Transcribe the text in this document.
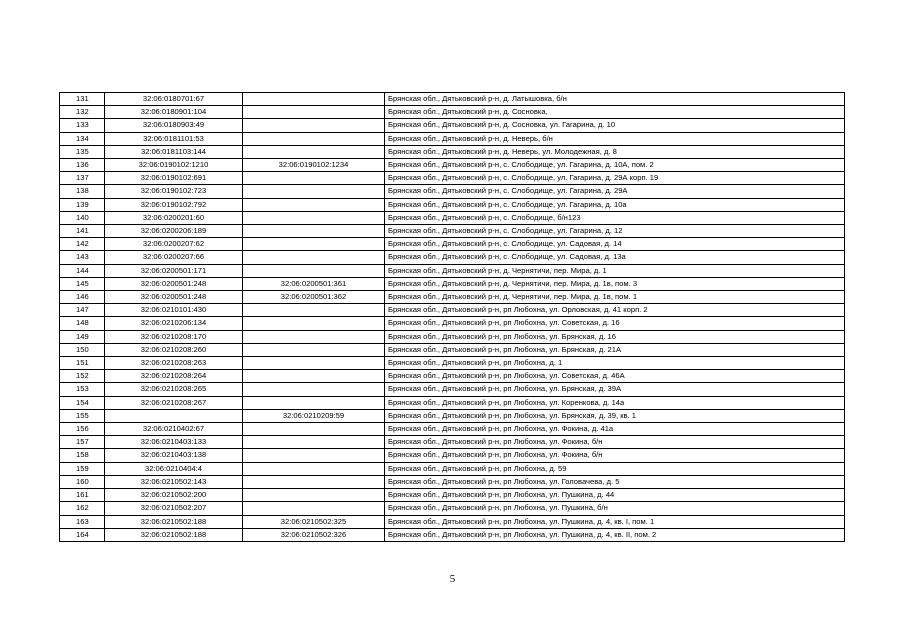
131	32:06:0180701:67		Брянская обл., Дятьковский р-н, д. Латышовка, б/н
132	32:06:0180901:104		Брянская обл., Дятьковский р-н, д. Сосновка,
133	32:06:0180903:49		Брянская обл., Дятьковский р-н, д. Сосновка, ул. Гагарина, д. 10
134	32:06:0181101:53		Брянская обл., Дятьковский р-н, д. Неверь, б/н
135	32:06:0181103:144		Брянская обл., Дятьковский р-н, д. Неверь, ул. Молодежная, д. 8
136	32:06:0190102:1210	32:06:0190102:1234	Брянская обл., Дятьковский р-н, с. Слободище, ул. Гагарина, д. 10А, пом. 2
137	32:06:0190102:691		Брянская обл., Дятьковский р-н, с. Слободище, ул. Гагарина, д. 29А корп. 19
138	32:06:0190102:723		Брянская обл., Дятьковский р-н, с. Слободище, ул. Гагарина, д. 29А
139	32:06:0190102:792		Брянская обл., Дятьковский р-н, с. Слободище, ул. Гагарина, д. 10а
140	32:06:0200201:60		Брянская обл., Дятьковский р-н, с. Слободище, б/н123
141	32:06:0200206:189		Брянская обл., Дятьковский р-н, с. Слободище, ул. Гагарина, д. 12
142	32:06:0200207:62		Брянская обл., Дятьковский р-н, с. Слободище, ул. Садовая, д. 14
143	32:06:0200207:66		Брянская обл., Дятьковский р-н, с. Слободище, ул. Садовая, д. 13а
144	32:06:0200501:171		Брянская обл., Дятьковский р-н, д. Чернятичи, пер. Мира, д. 1
145	32:06:0200501:248	32:06:0200501:361	Брянская обл., Дятьковский р-н, д. Чернятичи, пер. Мира, д. 1в, пом. 3
146	32:06:0200501:248	32:06:0200501:362	Брянская обл., Дятьковский р-н, д. Чернятичи, пер. Мира, д. 1в, пом. 1
147	32:06:0210101:430		Брянская обл., Дятьковский р-н, рп Любохна, ул. Орловская, д. 41 корп. 2
148	32:06:0210206:134		Брянская обл., Дятьковский р-н, рп Любохна, ул. Советская, д. 16
149	32:06:0210208:170		Брянская обл., Дятьковский р-н, рп Любохна, ул. Брянская, д. 16
150	32:06:0210208:260		Брянская обл., Дятьковский р-н, рп Любохна, ул. Брянская, д. 21А
151	32:06:0210208:263		Брянская обл., Дятьковский р-н, рп Любохна, д. 1
152	32:06:0210208:264		Брянская обл., Дятьковский р-н, рп Любохна, ул. Советская, д. 46А
153	32:06:0210208:265		Брянская обл., Дятьковский р-н, рп Любохна, ул. Брянская, д. 39А
154	32:06:0210208:267		Брянская обл., Дятьковский р-н, рп Любохна, ул. Коренкова, д. 14а
155		32:06:0210209:59	Брянская обл., Дятьковский р-н, рп Любохна, ул. Брянская, д. 39, кв. 1
156	32:06:0210402:67		Брянская обл., Дятьковский р-н, рп Любохна, ул. Фокина, д. 41а
157	32:06:0210403:133		Брянская обл., Дятьковский р-н, рп Любохна, ул. Фокина, б/н
158	32:06:0210403:138		Брянская обл., Дятьковский р-н, рп Любохна, ул. Фокина, б/н
159	32:06:0210404:4		Брянская обл., Дятьковский р-н, рп Любохна, д. 59
160	32:06:0210502:143		Брянская обл., Дятьковский р-н, рп Любохна, ул. Головачева, д. 5
161	32:06:0210502:200		Брянская обл., Дятьковский р-н, рп Любохна, ул. Пушкина, д. 44
162	32:06:0210502:207		Брянская обл., Дятьковский р-н, рп Любохна, ул. Пушкина, б/н
163	32:06:0210502:188	32:06:0210502:325	Брянская обл., Дятьковский р-н, рп Любохна, ул. Пушкина, д. 4, кв. I, пом. 1
164	32:06:0210502:188	32:06:0210502:326	Брянская обл., Дятьковский р-н, рп Любохна, ул. Пушкина, д. 4, кв. II, пом. 2
5
